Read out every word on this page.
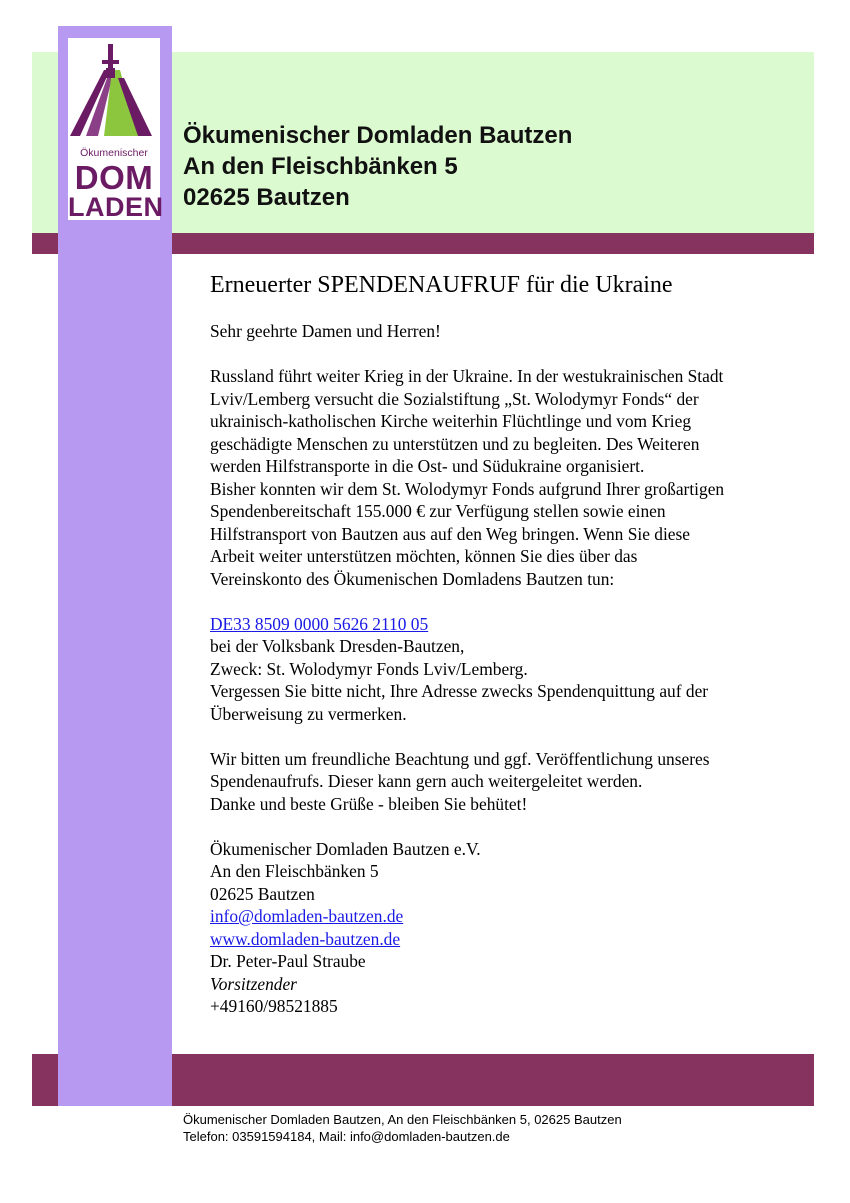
Ökumenischer
DOM
LADEN
Ökumenischer Domladen Bautzen
An den Fleischbänken 5
02625 Bautzen
Erneuerter SPENDENAUFRUF für die Ukraine
Sehr geehrte Damen und Herren!
Russland führt weiter Krieg in der Ukraine. In der westukrainischen Stadt
Lviv/Lemberg versucht die Sozialstiftung „St. Wolodymyr Fonds“ der
ukrainisch-katholischen Kirche weiterhin Flüchtlinge und vom Krieg
geschädigte Menschen zu unterstützen und zu begleiten. Des Weiteren
werden Hilfstransporte in die Ost- und Südukraine organisiert.
Bisher konnten wir dem St. Wolodymyr Fonds aufgrund Ihrer großartigen
Spendenbereitschaft 155.000 € zur Verfügung stellen sowie einen
Hilfstransport von Bautzen aus auf den Weg bringen. Wenn Sie diese
Arbeit weiter unterstützen möchten, können Sie dies über das
Vereinskonto des Ökumenischen Domladens Bautzen tun:
DE33 8509 0000 5626 2110 05
bei der Volksbank Dresden-Bautzen,
Zweck: St. Wolodymyr Fonds Lviv/Lemberg.
Vergessen Sie bitte nicht, Ihre Adresse zwecks Spendenquittung auf der
Überweisung zu vermerken.
Wir bitten um freundliche Beachtung und ggf. Veröffentlichung unseres
Spendenaufrufs. Dieser kann gern auch weitergeleitet werden.
Danke und beste Grüße - bleiben Sie behütet!
Ökumenischer Domladen Bautzen e.V.
An den Fleischbänken 5
02625 Bautzen
info@domladen-bautzen.de
www.domladen-bautzen.de
Dr. Peter-Paul Straube
Vorsitzender
+49160/98521885
Ökumenischer Domladen Bautzen, An den Fleischbänken 5, 02625 Bautzen
Telefon: 03591594184, Mail: info@domladen-bautzen.de
